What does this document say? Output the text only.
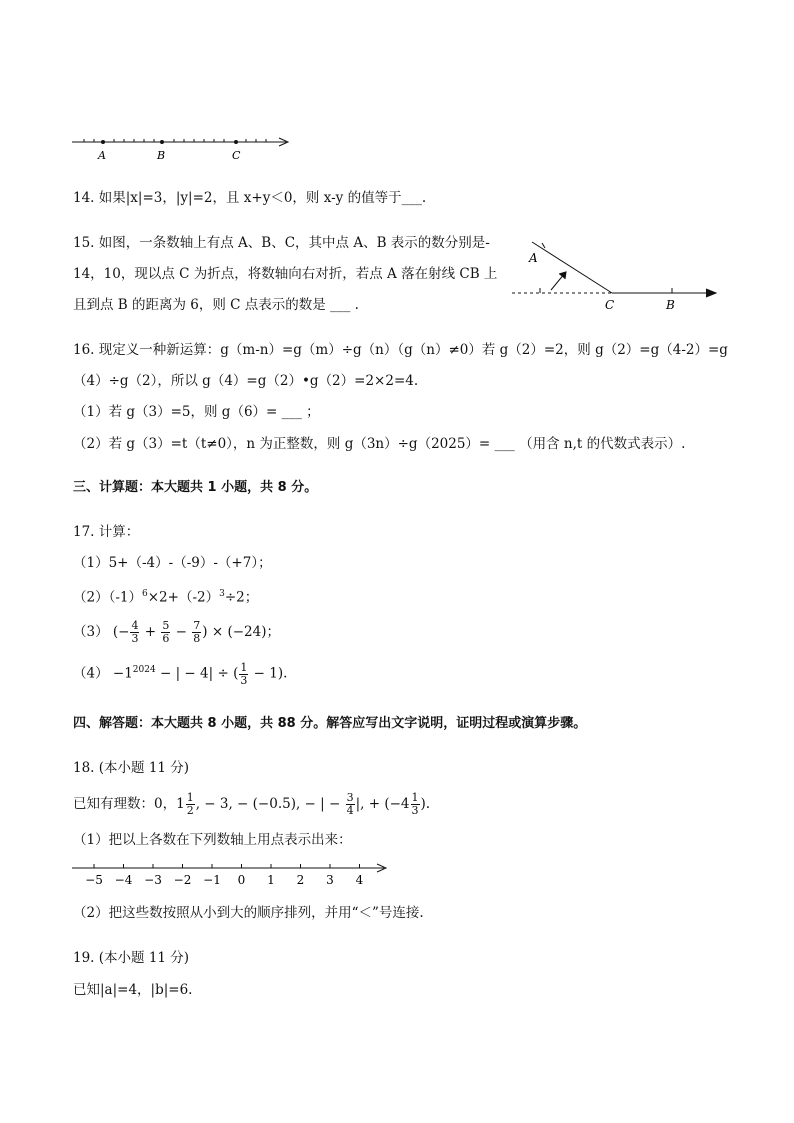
A	B	C
14. 如果|x|=3，|y|=2，且 x+y＜0，则 x-y 的值等于___.
15. 如图，一条数轴上有点 A、B、C，其中点 A、B 表示的数分别是-
14，10，现以点 C 为折点，将数轴向右对折，若点 A 落在射线 CB 上
且到点 B 的距离为 6，则 C 点表示的数是 ___ .
A
C	B
16. 现定义一种新运算：g（m-n）=g（m）÷g（n）（g（n）≠0）若 g（2）=2，则 g（2）=g（4-2）=g
（4）÷g（2），所以 g（4）=g（2）•g（2）=2×2=4.
（1）若 g（3）=5，则 g（6）= ___ ；
（2）若 g（3）=t（t≠0），n 为正整数，则 g（3n）÷g（2025）= ___ （用含 n,t 的代数式表示）.
三、计算题：本大题共 1 小题，共 8 分。
17. 计算：
（1）5+（-4）-（-9）-（+7）；
$(2)(-1)^6\times 2+(-2)^3\div 2$；
（3） (− $\frac{4}{3} + \frac{5}{6} - \frac{7}{8}$ ) × (−24)；
$(4) -1^{2024}$ − | − 4| ÷ ( $\frac{1}{3} - 1$).
四、解答题：本大题共 8 小题，共 88 分。解答应写出文字说明，证明过程或演算步骤。
18. (本小题 11 分)
已知有理数：0，$1 \frac{1}{2}$ , − 3, − (−0.5), − | − $\frac{3}{4}$ |, + ($-4 \frac{1}{3}$ ).
（1）把以上各数在下列数轴上用点表示出来：
−5 −4 −3 −2 −1 0 1 2 3 4
（2）把这些数按照从小到大的顺序排列，并用“＜”号连接.
19. (本小题 11 分)
已知|a|=4，|b|=6.
